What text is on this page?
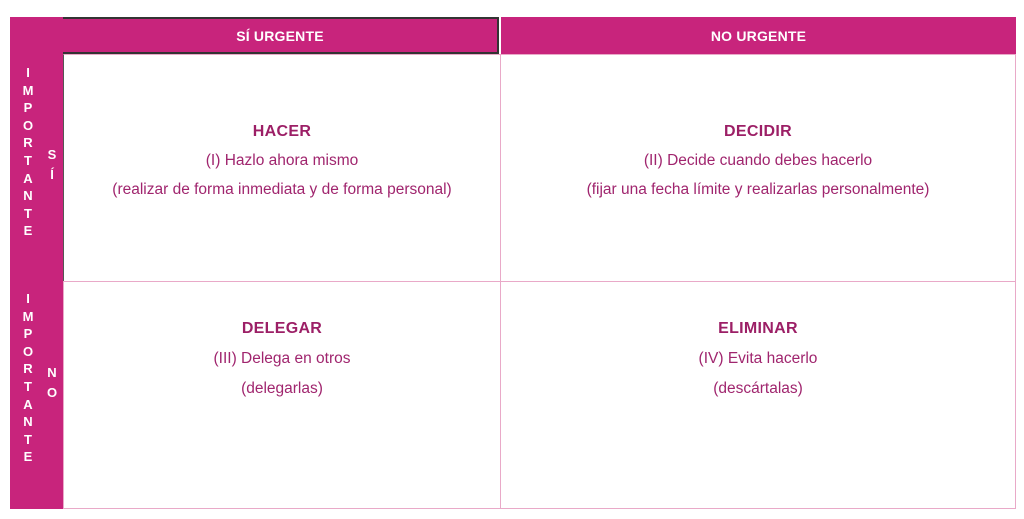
SÍ URGENTE	NO URGENTE
I
M
P
O
R
T
A
N
T
E
S
Í
I
M
P
O
R
T
A
N
T
E
N
O
HACER
(I) Hazlo ahora mismo
(realizar de forma inmediata y de forma personal)
DECIDIR
(II) Decide cuando debes hacerlo
(fijar una fecha límite y realizarlas personalmente)
DELEGAR
(III) Delega en otros
(delegarlas)
ELIMINAR
(IV) Evita hacerlo
(descártalas)
